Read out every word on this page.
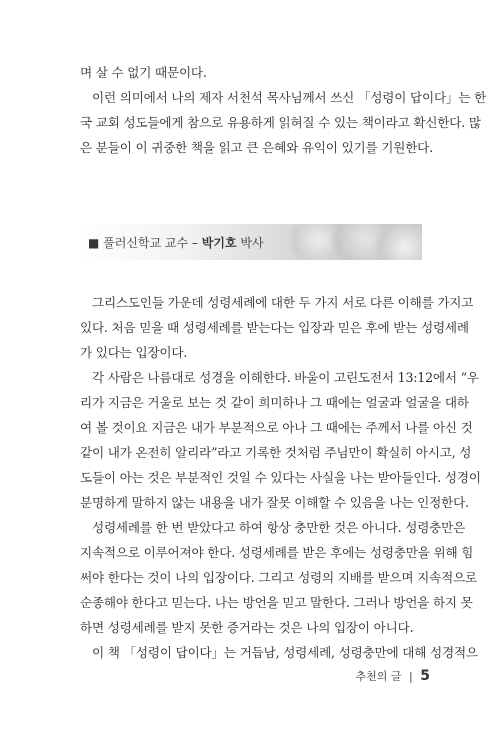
며 살 수 없기 때문이다.
이런 의미에서 나의 제자 서천석 목사님께서 쓰신 「성령이 답이다」는 한
국 교회 성도들에게 참으로 유용하게 읽혀질 수 있는 책이라고 확신한다. 많
은 분들이 이 귀중한 책을 읽고 큰 은혜와 유익이 있기를 기원한다.
■ 풀러신학교 교수 – 박기호 박사
그리스도인들 가운데 성령세례에 대한 두 가지 서로 다른 이해를 가지고
있다. 처음 믿을 때 성령세례를 받는다는 입장과 믿은 후에 받는 성령세례
가 있다는 입장이다.
각 사람은 나름대로 성경을 이해한다. 바울이 고린도전서 13:12에서 “우
리가 지금은 거울로 보는 것 같이 희미하나 그 때에는 얼굴과 얼굴을 대하
여 볼 것이요 지금은 내가 부분적으로 아나 그 때에는 주께서 나를 아신 것
같이 내가 온전히 알리라”라고 기록한 것처럼 주님만이 확실히 아시고, 성
도들이 아는 것은 부분적인 것일 수 있다는 사실을 나는 받아들인다. 성경이
분명하게 말하지 않는 내용을 내가 잘못 이해할 수 있음을 나는 인정한다.
성령세례를 한 번 받았다고 하여 항상 충만한 것은 아니다. 성령충만은
지속적으로 이루어져야 한다. 성령세례를 받은 후에는 성령충만을 위해 힘
써야 한다는 것이 나의 입장이다. 그리고 성령의 지배를 받으며 지속적으로
순종해야 한다고 믿는다. 나는 방언을 믿고 말한다. 그러나 방언을 하지 못
하면 성령세례를 받지 못한 증거라는 것은 나의 입장이 아니다.
이 책 「성령이 답이다」는 거듭남, 성령세례, 성령충만에 대해 성경적으
추천의 글 | 5
